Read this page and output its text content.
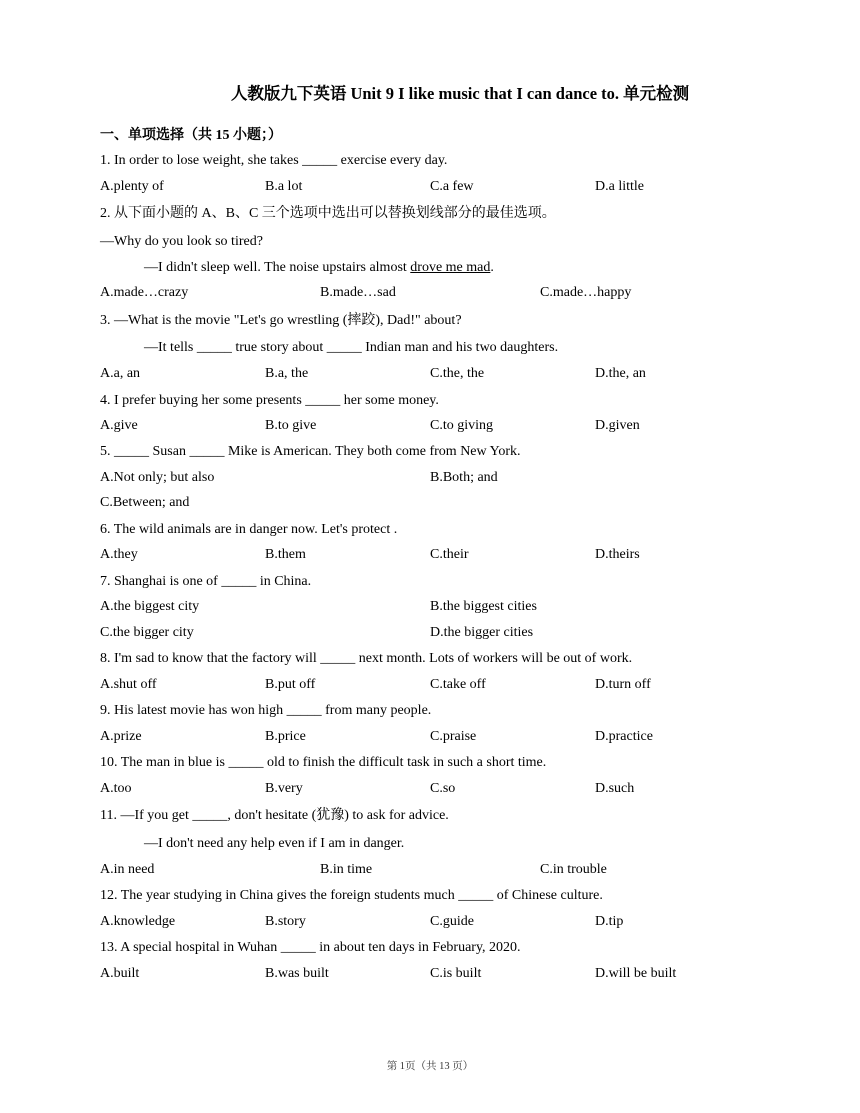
人教版九下英语 Unit 9 I like music that I can dance to. 单元检测
一、单项选择（共 15 小题；）
1. In order to lose weight, she takes _____ exercise every day.
A.plenty of	B.a lot	C.a few	D.a little
2. 从下面小题的 A、B、C 三个选项中选出可以替换划线部分的最佳选项。
—Why do you look so tired?
—I didn't sleep well. The noise upstairs almost drove me mad.
A.made…crazy	B.made…sad	C.made…happy
3. —What is the movie "Let's go wrestling (摔跤), Dad!" about?
—It tells _____ true story about _____ Indian man and his two daughters.
A.a, an	B.a, the	C.the, the	D.the, an
4. I prefer buying her some presents _____ her some money.
A.give	B.to give	C.to giving	D.given
5. _____ Susan _____ Mike is American. They both come from New York.
A.Not only; but also	B.Both; and
C.Between; and
6. The wild animals are in danger now. Let's protect .
A.they	B.them	C.their	D.theirs
7. Shanghai is one of _____ in China.
A.the biggest city	B.the biggest cities
C.the bigger city	D.the bigger cities
8. I'm sad to know that the factory will _____ next month. Lots of workers will be out of work.
A.shut off	B.put off	C.take off	D.turn off
9. His latest movie has won high _____ from many people.
A.prize	B.price	C.praise	D.practice
10. The man in blue is _____ old to finish the difficult task in such a short time.
A.too	B.very	C.so	D.such
11. —If you get _____, don't hesitate (犹豫) to ask for advice.
—I don't need any help even if I am in danger.
A.in need	B.in time	C.in trouble
12. The year studying in China gives the foreign students much _____ of Chinese culture.
A.knowledge	B.story	C.guide	D.tip
13. A special hospital in Wuhan _____ in about ten days in February, 2020.
A.built	B.was built	C.is built	D.will be built
第 1页（共 13 页）
